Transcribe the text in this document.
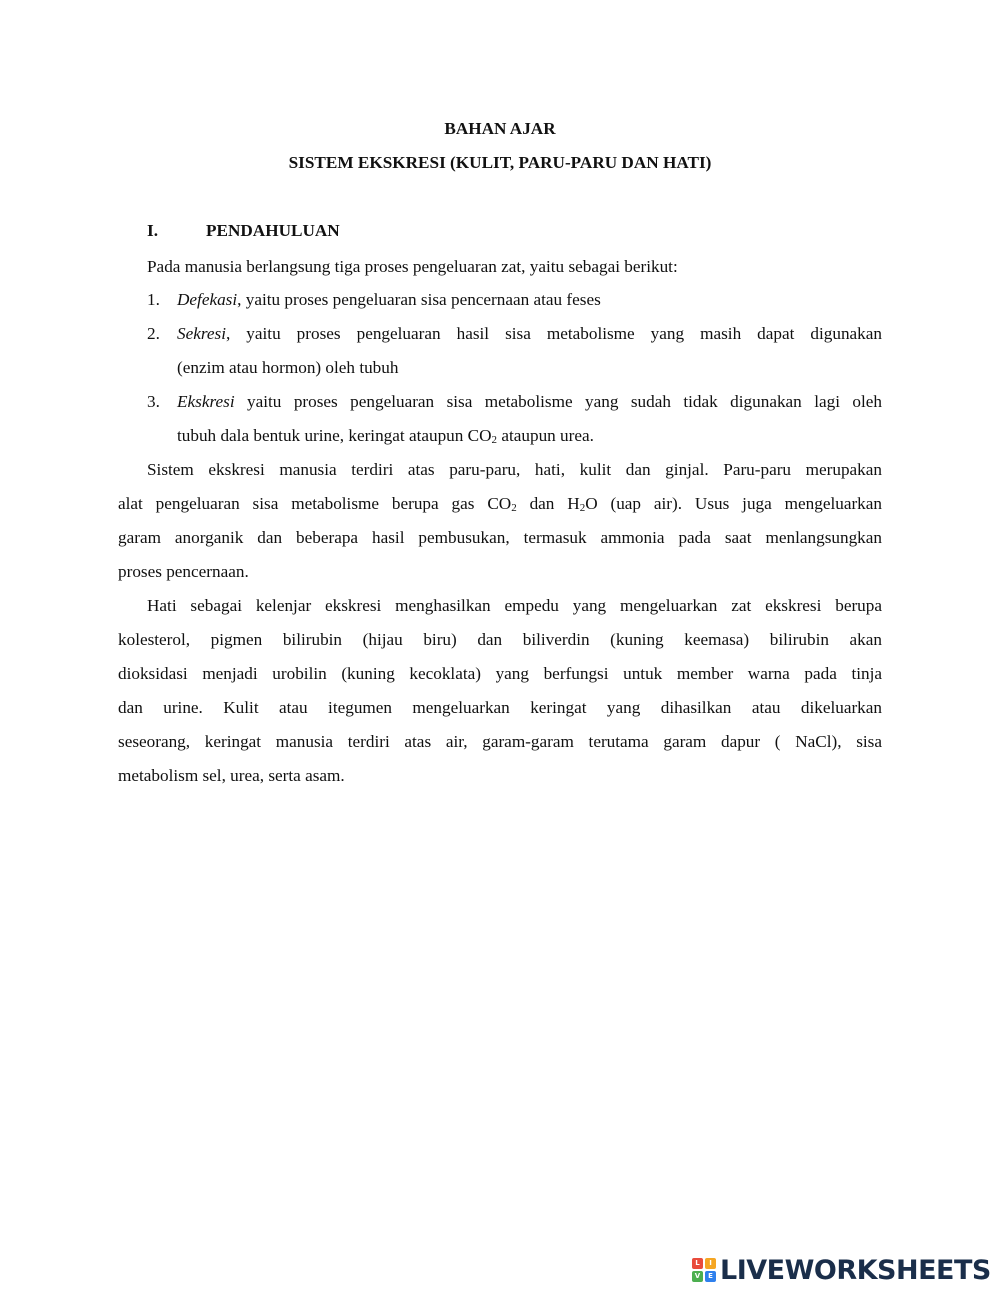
BAHAN AJAR
SISTEM EKSKRESI (KULIT, PARU-PARU DAN HATI)
I.	PENDAHULUAN
Pada manusia berlangsung tiga proses pengeluaran zat, yaitu sebagai berikut:
1. Defekasi, yaitu proses pengeluaran sisa pencernaan atau feses
2. Sekresi, yaitu proses pengeluaran hasil sisa metabolisme yang masih dapat digunakan
(enzim atau hormon) oleh tubuh
3. Ekskresi yaitu proses pengeluaran sisa metabolisme yang sudah tidak digunakan lagi oleh
tubuh dala bentuk urine, keringat ataupun $CO_2$ ataupun urea.
Sistem ekskresi manusia terdiri atas paru-paru, hati, kulit dan ginjal. Paru-paru merupakan
alat pengeluaran sisa metabolisme berupa gas $CO_2$ dan $H_2O$ (uap air). Usus juga mengeluarkan
garam anorganik dan beberapa hasil pembusukan, termasuk ammonia pada saat menlangsungkan
proses pencernaan.
Hati sebagai kelenjar ekskresi menghasilkan empedu yang mengeluarkan zat ekskresi berupa
kolesterol, pigmen bilirubin (hijau biru) dan biliverdin (kuning keemasa) bilirubin akan
dioksidasi menjadi urobilin (kuning kecoklata) yang berfungsi untuk member warna pada tinja
dan urine. Kulit atau itegumen mengeluarkan keringat yang dihasilkan atau dikeluarkan
seseorang, keringat manusia terdiri atas air, garam-garam terutama garam dapur ( NaCl), sisa
metabolism sel, urea, serta asam.
L	I
V	E LIVEWORKSHEETS
